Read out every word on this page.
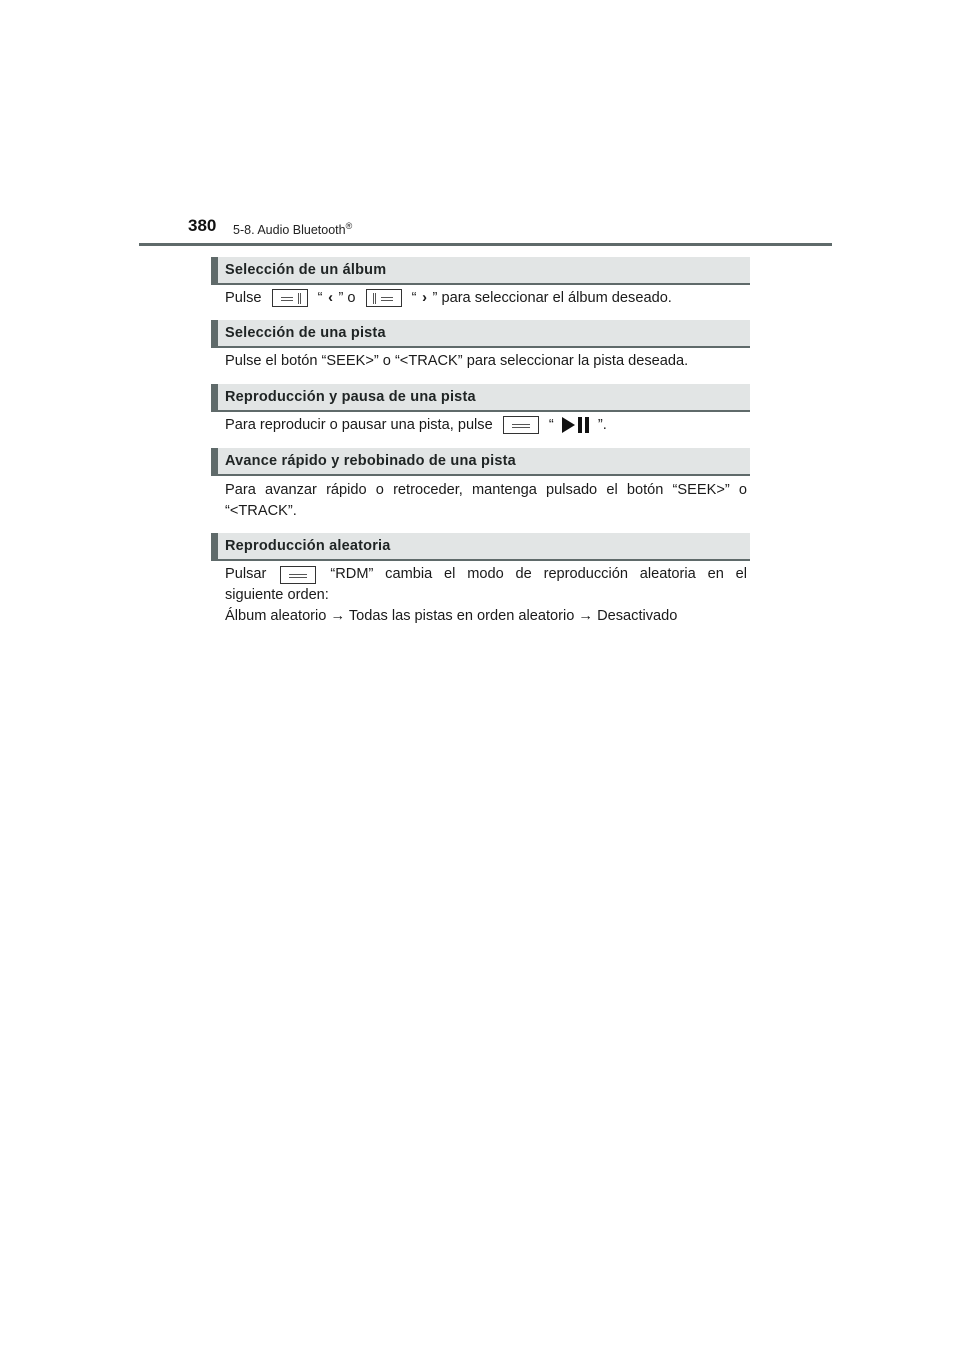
380 5-8. Audio Bluetooth®
Selección de un álbum
Pulse	“ ‹ ” o	“ › ” para seleccionar el álbum deseado.
Selección de una pista
Pulse el botón “SEEK>” o “<TRACK” para seleccionar la pista deseada.
Reproducción y pausa de una pista
Para reproducir o pausar una pista, pulse	“	”.
Avance rápido y rebobinado de una pista
Para avanzar rápido o retroceder, mantenga pulsado el botón “SEEK>” o
“<TRACK”.
Reproducción aleatoria
Pulsar	“RDM” cambia el modo de reproducción aleatoria en el
siguiente orden:
Álbum aleatorio → Todas las pistas en orden aleatorio → Desactivado
